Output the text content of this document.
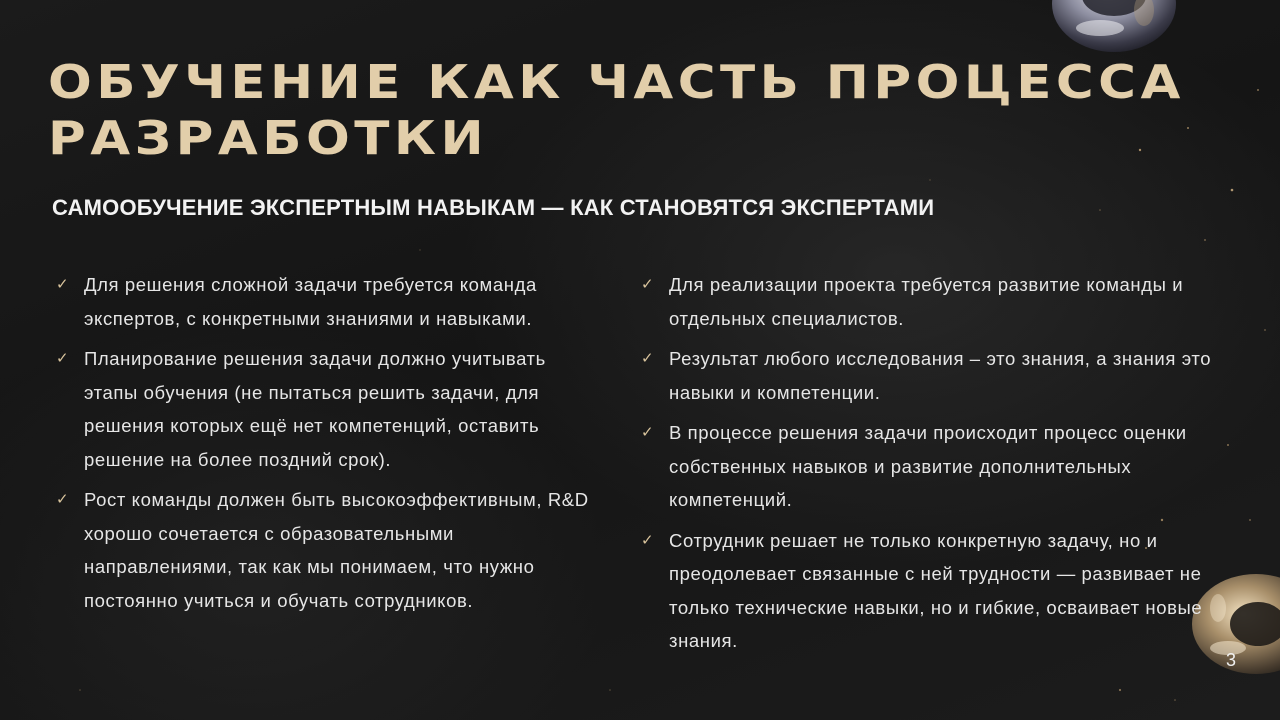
ОБУЧЕНИЕ КАК ЧАСТЬ ПРОЦЕССА РАЗРАБОТКИ
САМООБУЧЕНИЕ ЭКСПЕРТНЫМ НАВЫКАМ — КАК СТАНОВЯТСЯ ЭКСПЕРТАМИ
✓ Для решения сложной задачи требуется команда экспертов, с конкретными знаниями и навыками.
✓ Планирование решения задачи должно учитывать этапы обучения (не пытаться решить задачи, для решения которых ещё нет компетенций, оставить решение на более поздний срок).
✓ Рост команды должен быть высокоэффективным, R&D хорошо сочетается с образовательными направлениями, так как мы понимаем, что нужно постоянно учиться и обучать сотрудников.
✓ Для реализации проекта требуется развитие команды и отдельных специалистов.
✓ Результат любого исследования – это знания, а знания это навыки и компетенции.
✓ В процессе решения задачи происходит процесс оценки собственных навыков и развитие дополнительных компетенций.
✓ Сотрудник решает не только конкретную задачу, но и преодолевает связанные с ней трудности — развивает не только технические навыки, но и гибкие, осваивает новые знания.
3
